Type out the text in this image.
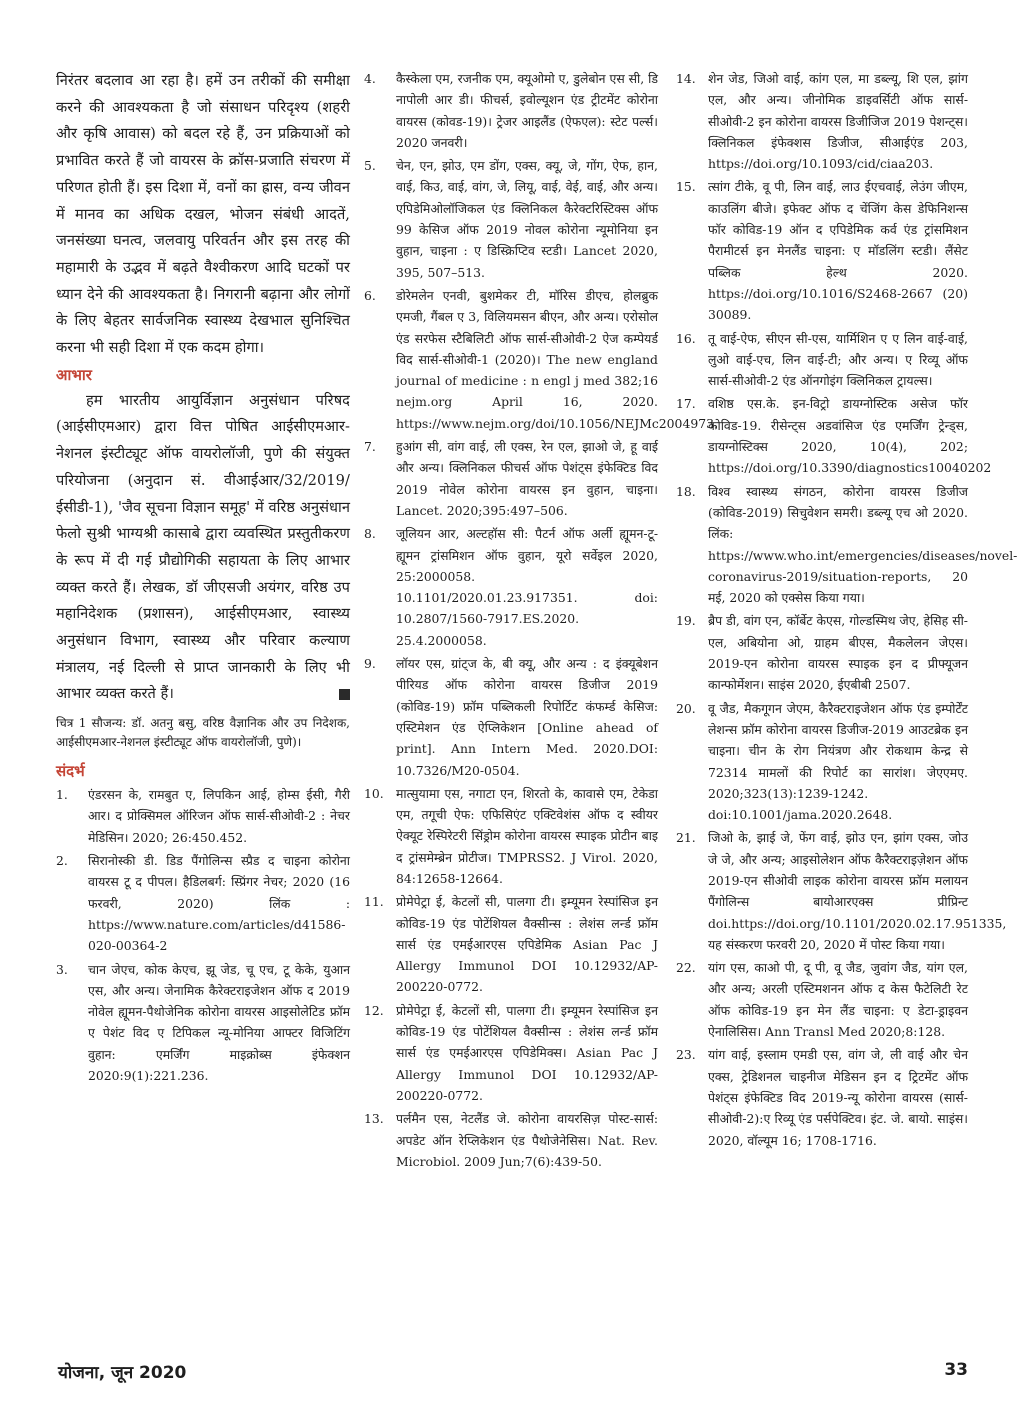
निरंतर बदलाव आ रहा है। हमें उन तरीकों की समीक्षा करने की आवश्यकता है जो संसाधन परिदृश्य (शहरी और कृषि आवास) को बदल रहे हैं, उन प्रक्रियाओं को प्रभावित करते हैं जो वायरस के क्रॉस-प्रजाति संचरण में परिणत होती हैं। इस दिशा में, वनों का ह्रास, वन्य जीवन में मानव का अधिक दखल, भोजन संबंधी आदतें, जनसंख्या घनत्व, जलवायु परिवर्तन और इस तरह की महामारी के उद्भव में बढ़ते वैश्वीकरण आदि घटकों पर ध्यान देने की आवश्यकता है। निगरानी बढ़ाना और लोगों के लिए बेहतर सार्वजनिक स्वास्थ्य देखभाल सुनिश्चित करना भी सही दिशा में एक कदम होगा।

आभार

हम भारतीय आयुर्विज्ञान अनुसंधान परिषद (आईसीएमआर) द्वारा वित्त पोषित आईसीएमआर-नेशनल इंस्टीट्यूट ऑफ वायरोलॉजी, पुणे की संयुक्त परियोजना (अनुदान सं. वीआईआर/32/2019/ईसीडी-1), 'जैव सूचना विज्ञान समूह' में वरिष्ठ अनुसंधान फेलो सुश्री भाग्यश्री कासाबे द्वारा व्यवस्थित प्रस्तुतीकरण के रूप में दी गई प्रौद्योगिकी सहायता के लिए आभार व्यक्त करते हैं। लेखक, डॉ जीएसजी अयंगर, वरिष्ठ उप महानिदेशक (प्रशासन), आईसीएमआर, स्वास्थ्य अनुसंधान विभाग, स्वास्थ्य और परिवार कल्याण मंत्रालय, नई दिल्ली से प्राप्त जानकारी के लिए भी आभार व्यक्त करते हैं।

चित्र 1 सौजन्य: डॉ. अतनु बसु, वरिष्ठ वैज्ञानिक और उप निदेशक, आईसीएमआर-नेशनल इंस्टीट्यूट ऑफ वायरोलॉजी, पुणे)।

संदर्भ
1.	एंडरसन के, रामबुत ए, लिपकिन आई, होम्स ईसी, गैरी आर। द प्रोक्सिमल ऑरिजन ऑफ सार्स-सीओवी-2 : नेचर मेडिसिन। 2020; 26:450.452.
2.	सिरानोस्की डी. डिड पैंगोलिन्स स्प्रैड द चाइना कोरोना वायरस टू द पीपल। हैडिलबर्ग: स्प्रिंगर नेचर; 2020 (16 फरवरी, 2020) लिंक : https://www.nature.com/articles/d41586-020-00364-2
3.	चान जेएच, कोक केएच, झू जेड, चू एच, टू केके, युआन एस, और अन्य। जेनामिक कैरेक्टराइजेशन ऑफ द 2019 नोवेल ह्यूमन-पैथोजेनिक कोरोना वायरस आइसोलेटिड फ्रॉम ए पेशंट विद ए टिपिकल न्यू-मोनिया आफ्टर विजिटिंग वुहान: एमर्जिंग माइक्रोब्स इंफेक्शन 2020:9(1):221.236.
4.	कैस्केला एम, रजनीक एम, क्यूओमो ए, डुलेबोन एस सी, डि नापोली आर डी। फीचर्स, इवोल्यूशन एंड ट्रीटमेंट कोरोना वायरस (कोवड-19)। ट्रेजर आइलैंड (ऐफएल): स्टेट पर्ल्स। 2020 जनवरी।
5.	चेन, एन, झोउ, एम डोंग, एक्स, क्यू, जे, गोंग, ऐफ, हान, वाई, किउ, वाई, वांग, जे, लियू, वाई, वेई, वाई, और अन्य। एपिडेमिओलॉजिकल एंड क्लिनिकल कैरेक्टरिस्टिक्स ऑफ 99 केसिज ऑफ 2019 नोवल कोरोना न्यूमोनिया इन वुहान, चाइना : ए डिस्क्रिप्टिव स्टडी। Lancet 2020, 395, 507–513.
6.	डोरेमलेन एनवी, बुशमेकर टी, मॉरिस डीएच, होलब्रुक एमजी, गैंबल ए 3, विलियमसन बीएन, और अन्य। एरोसोल एंड सरफेस स्टैबिलिटी ऑफ सार्स-सीओवी-2 ऐज कम्पेयर्ड विद सार्स-सीओवी-1 (2020)। The new england journal of medicine : n engl j med 382;16 nejm.org April 16, 2020. https://www.nejm.org/doi/10.1056/NEJMc2004973.
7.	हुआंग सी, वांग वाई, ली एक्स, रेन एल, झाओ जे, हू वाई और अन्य। क्लिनिकल फीचर्स ऑफ पेशंट्स इंफेक्टिड विद 2019 नोवेल कोरोना वायरस इन वुहान, चाइना। Lancet. 2020;395:497–506.
8.	जूलियन आर, अल्टहॉस सी: पैटर्न ऑफ अर्ली ह्यूमन-टू-ह्यूमन ट्रांसमिशन ऑफ वुहान, यूरो सर्वेइल 2020, 25:2000058. 10.1101/2020.01.23.917351. doi: 10.2807/1560-7917.ES.2020. 25.4.2000058.
9.	लॉयर एस, ग्रांट्ज के, बी क्यू, और अन्य : द इंक्यूबेशन पीरियड ऑफ कोरोना वायरस डिजीज 2019 (कोविड-19) फ्रॉम पब्लिकली रिपोर्टिट कंफर्म्ड केसिज: एस्टिमेशन एंड ऐप्लिकेशन [Online ahead of print]. Ann Intern Med. 2020.DOI: 10.7326/M20-0504.
10. मात्सुयामा एस, नगाटा एन, शिरतो के, कावासे एम, टेकेडा एम, तगूची ऐफ: एफिसिएंट एक्टिवेशंस ऑफ द स्वीयर ऐक्यूट रेस्पिरेटरी सिंड्रोम कोरोना वायरस स्पाइक प्रोटीन बाइ द ट्रांसमेम्ब्रेन प्रोटीज। TMPRSS2. J Virol. 2020, 84:12658-12664.
11. प्रोमेपेट्रा ई, केटलों सी, पालगा टी। इम्यूमन रेस्पांसिज इन कोविड-19 एंड पोटेंशियल वैक्सीन्स : लेशंस लर्न्ड फ्रॉम सार्स एंड एमईआरएस एपिडेमिक Asian Pac J Allergy Immunol DOI 10.12932/AP-200220-0772.
12. प्रोमेपेट्रा ई, केटलों सी, पालगा टी। इम्यूमन रेस्पांसिज इन कोविड-19 एंड पोटेंशियल वैक्सीन्स : लेशंस लर्न्ड फ्रॉम सार्स एंड एमईआरएस एपिडेमिक्स। Asian Pac J Allergy Immunol DOI 10.12932/AP-200220-0772.
13. पर्लमैन एस, नेटलैंड जे. कोरोना वायरसिज़ पोस्ट-सार्स: अपडेट ऑन रेप्लिकेशन एंड पैथोजेनेसिस। Nat. Rev. Microbiol. 2009 Jun;7(6):439-50.
14. शेन जेड, जिओ वाई, कांग एल, मा डब्ल्यू, शि एल, झांग एल, और अन्य। जीनोमिक डाइवर्सिटी ऑफ सार्स-सीओवी-2 इन कोरोना वायरस डिजीजिज 2019 पेशन्ट्स। क्लिनिकल इंफेक्शस डिजीज, सीआईएंड 203, https://doi.org/10.1093/cid/ciaa203.
15. त्सांग टीके, वू पी, लिन वाई, लाउ ईएचवाई, लेउंग जीएम, काउलिंग बीजे। इफेक्ट ऑफ द चेंजिंग केस डेफिनिशन्स फॉर कोविड-19 ऑन द एपिडेमिक कर्व एंड ट्रांसमिशन पैरामीटर्स इन मेनलैंड चाइना: ए मॉडलिंग स्टडी। लैंसेट पब्लिक हेल्थ 2020. https://doi.org/10.1016/S2468-2667 (20) 30089.
16. तू वाई-ऐफ, सीएन सी-एस, यार्मिशिन ए ए लिन वाई-वाई, लुओ वाई-एच, लिन वाई-टी; और अन्य। ए रिव्यू ऑफ सार्स-सीओवी-2 एंड ऑनगोइंग क्लिनिकल ट्रायल्स।
17. वशिष्ठ एस.के. इन-विट्रो डायग्नोस्टिक असेज फॉर कोविड-19. रीसेन्ट्स अडवांसिज एंड एमर्जिंग ट्रेन्ड्स, डायग्नोस्टिक्स 2020, 10(4), 202; https://doi.org/10.3390/diagnostics10040202
18. विश्व स्वास्थ्य संगठन, कोरोना वायरस डिजीज (कोविड-2019) सिचुवेशन समरी। डब्ल्यू एच ओ 2020. लिंक: https://www.who.int/emergencies/diseases/novel-coronavirus-2019/situation-reports, 20 मई, 2020 को एक्सेस किया गया।
19. ब्रैप डी, वांग एन, कॉर्बेट केएस, गोल्डस्मिथ जेए, हेसिह सी-एल, अबियोना ओ, ग्राहम बीएस, मैकलेलन जेएस। 2019-एन कोरोना वायरस स्पाइक इन द प्रीफ्यूजन कान्फोर्मेशन। साइंस 2020, ईएबीबी 2507.
20. वू जैड, मैकगूगन जेएम, कैरैक्टराइजेशन ऑफ एंड इम्पोर्टेंट लेशन्स फ्रॉम कोरोना वायरस डिजीज-2019 आउटब्रेक इन चाइना। चीन के रोग नियंत्रण और रोकथाम केन्द्र से 72314 मामलों की रिपोर्ट का सारांश। जेएएमए. 2020;323(13):1239-1242. doi:10.1001/jama.2020.2648.
21. जिओ के, झाई जे, फेंग वाई, झोउ एन, झांग एक्स, जोउ जे जे, और अन्य; आइसोलेशन ऑफ कैरैक्टराइज़ेशन ऑफ 2019-एन सीओवी लाइक कोरोना वायरस फ्रॉम मलायन पैंगोलिन्स बायोआरएक्स प्रीप्रिन्ट doi.https://doi.org/10.1101/2020.02.17.951335, यह संस्करण फरवरी 20, 2020 में पोस्ट किया गया।
22. यांग एस, काओ पी, दू पी, वू जैड, जुवांग जैड, यांग एल, और अन्य; अरली एस्टिमशनन ऑफ द केस फैटेलिटी रेट ऑफ कोविड-19 इन मेन लैंड चाइना: ए डेटा-ड्राइवन ऐनालिसिस। Ann Transl Med 2020;8:128.
23. यांग वाई, इस्लाम एमडी एस, वांग जे, ली वाई और चेन एक्स, ट्रेडिशनल चाइनीज मेडिसन इन द ट्रिटमेंट ऑफ पेशंट्स इंफेक्टिड विद 2019-न्यू कोरोना वायरस (सार्स-सीओवी-2):ए रिव्यू एंड पर्सपेक्टिव। इंट. जे. बायो. साइंस। 2020, वॉल्यूम 16; 1708-1716.
योजना, जून 2020	33
